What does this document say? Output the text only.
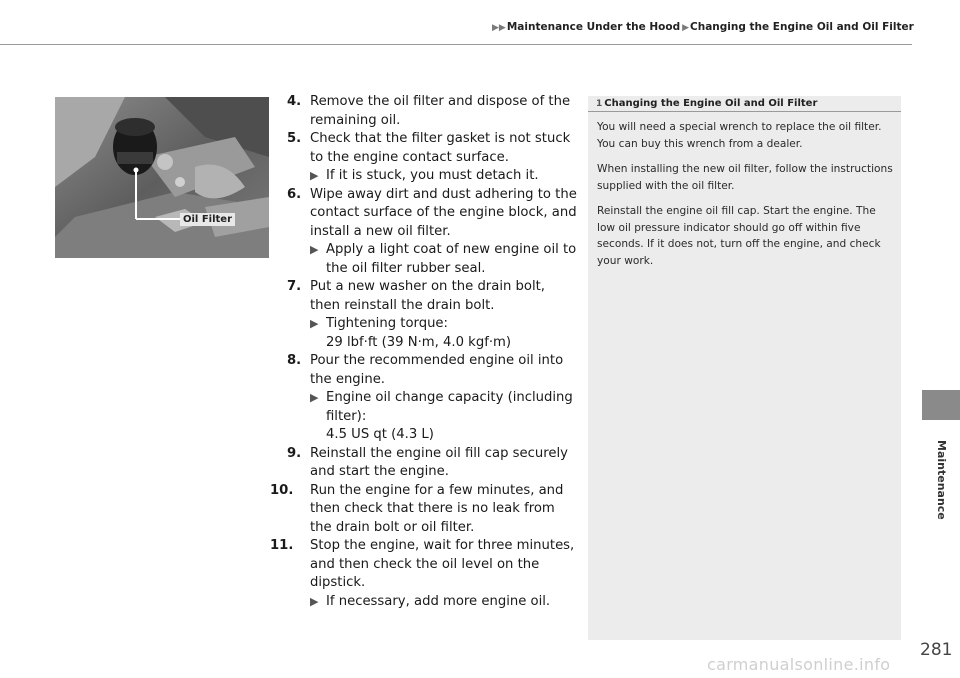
▶▶Maintenance Under the Hood ▶Changing the Engine Oil and Oil Filter
Oil Filter
4. Remove the oil filter and dispose of the remaining oil.
5. Check that the filter gasket is not stuck to the engine contact surface.
▶ If it is stuck, you must detach it.
6. Wipe away dirt and dust adhering to the contact surface of the engine block, and install a new oil filter.
▶ Apply a light coat of new engine oil to the oil filter rubber seal.
7. Put a new washer on the drain bolt, then reinstall the drain bolt.
▶ Tightening torque:
29 lbf·ft (39 N·m, 4.0 kgf·m)
8. Pour the recommended engine oil into the engine.
▶ Engine oil change capacity (including filter):
4.5 US qt (4.3 L)
9. Reinstall the engine oil fill cap securely and start the engine.
10. Run the engine for a few minutes, and then check that there is no leak from the drain bolt or oil filter.
11. Stop the engine, wait for three minutes, and then check the oil level on the dipstick.
▶ If necessary, add more engine oil.
1 Changing the Engine Oil and Oil Filter

You will need a special wrench to replace the oil filter. You can buy this wrench from a dealer.

When installing the new oil filter, follow the instructions supplied with the oil filter.

Reinstall the engine oil fill cap. Start the engine. The low oil pressure indicator should go off within five seconds. If it does not, turn off the engine, and check your work.

Maintenance
281
carmanualsonline.info
